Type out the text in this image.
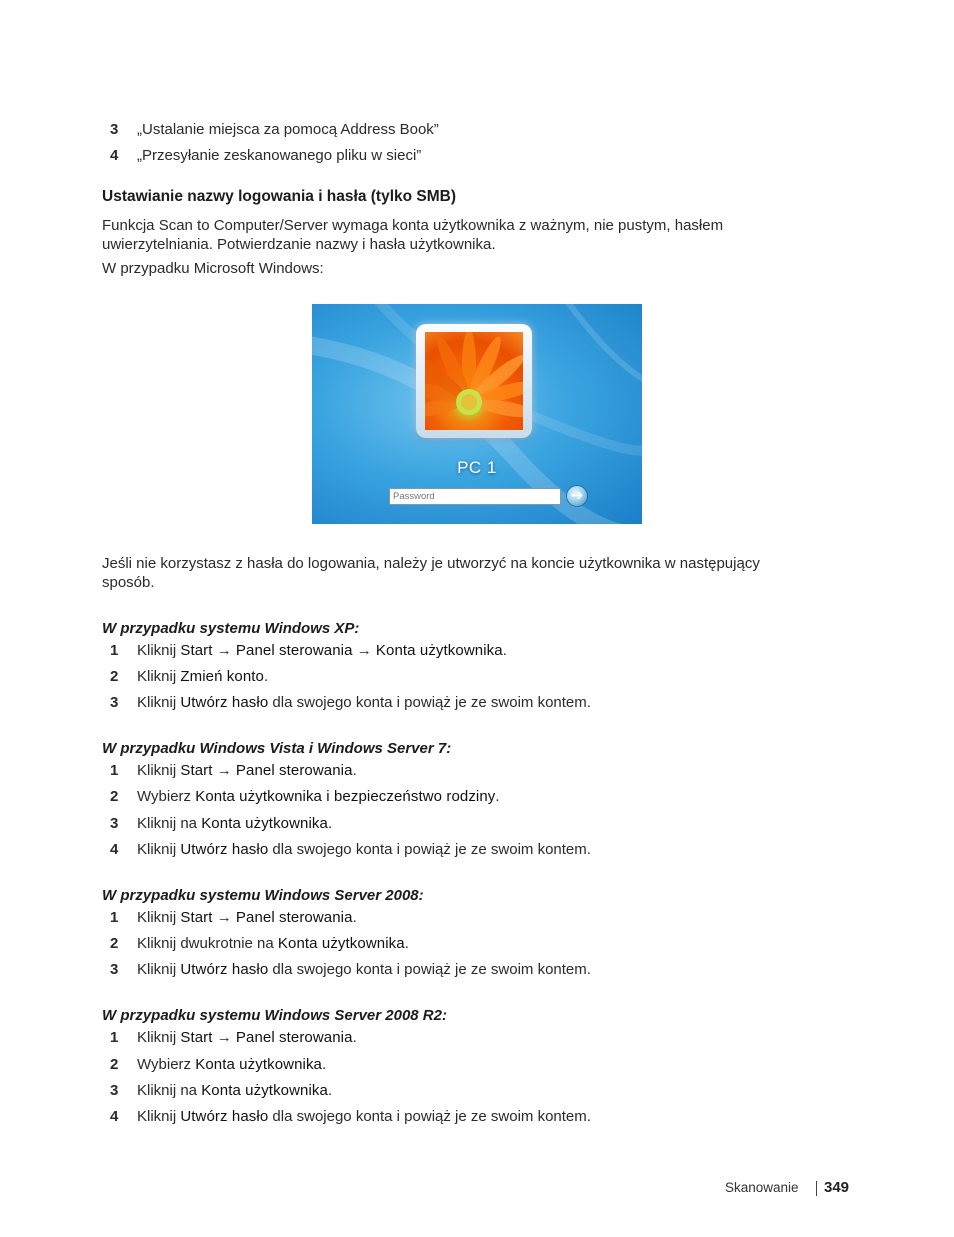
3	„Ustalanie miejsca za pomocą Address Book”
4	„Przesyłanie zeskanowanego pliku w sieci”
Ustawianie nazwy logowania i hasła (tylko SMB)
Funkcja Scan to Computer/Server wymaga konta użytkownika z ważnym, nie pustym, hasłem
uwierzytelniania. Potwierdzanie nazwy i hasła użytkownika.
W przypadku Microsoft Windows:
PC 1
Password	➔
Jeśli nie korzystasz z hasła do logowania, należy je utworzyć na koncie użytkownika w następujący
sposób.
W przypadku systemu Windows XP:
1	Kliknij Start → Panel sterowania → Konta użytkownika.
2	Kliknij Zmień konto.
3	Kliknij Utwórz hasło dla swojego konta i powiąż je ze swoim kontem.
W przypadku Windows Vista i Windows Server 7:
1	Kliknij Start → Panel sterowania.
2	Wybierz Konta użytkownika i bezpieczeństwo rodziny.
3	Kliknij na Konta użytkownika.
4	Kliknij Utwórz hasło dla swojego konta i powiąż je ze swoim kontem.
W przypadku systemu Windows Server 2008:
1	Kliknij Start → Panel sterowania.
2	Kliknij dwukrotnie na Konta użytkownika.
3	Kliknij Utwórz hasło dla swojego konta i powiąż je ze swoim kontem.
W przypadku systemu Windows Server 2008 R2:
1	Kliknij Start → Panel sterowania.
2	Wybierz Konta użytkownika.
3	Kliknij na Konta użytkownika.
4	Kliknij Utwórz hasło dla swojego konta i powiąż je ze swoim kontem.
Skanowanie 349
